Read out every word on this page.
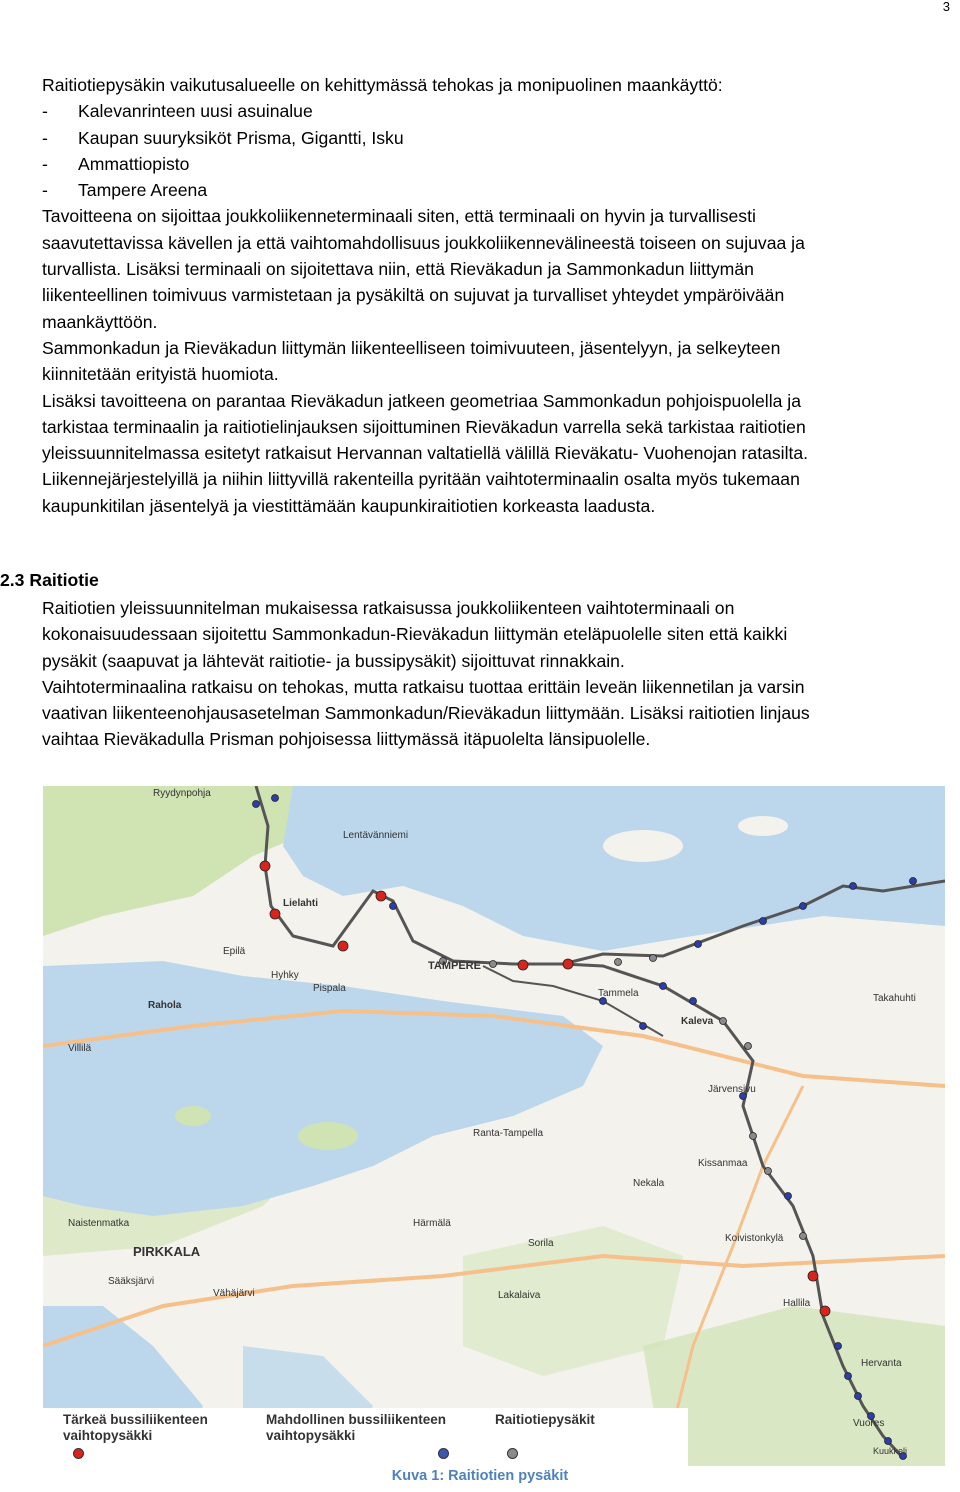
3
Raitiotiepysäkin vaikutusalueelle on kehittymässä tehokas ja monipuolinen maankäyttö:
- Kalevanrinteen uusi asuinalue
- Kaupan suuryksiköt Prisma, Gigantti, Isku
- Ammattiopisto
- Tampere Areena
Tavoitteena on sijoittaa joukkoliikenneterminaali siten, että terminaali on hyvin ja turvallisesti
saavutettavissa kävellen ja että vaihtomahdollisuus joukkoliikennevälineestä toiseen on sujuvaa ja
turvallista. Lisäksi terminaali on sijoitettava niin, että Rieväkadun ja Sammonkadun liittymän
liikenteellinen toimivuus varmistetaan ja pysäkiltä on sujuvat ja turvalliset yhteydet ympäröivään
maankäyttöön.
Sammonkadun ja Rieväkadun liittymän liikenteelliseen toimivuuteen, jäsentelyyn, ja selkeyteen
kiinnitetään erityistä huomiota.
Lisäksi tavoitteena on parantaa Rieväkadun jatkeen geometriaa Sammonkadun pohjoispuolella ja
tarkistaa terminaalin ja raitiotielinjauksen sijoittuminen Rieväkadun varrella sekä tarkistaa raitiotien
yleissuunnitelmassa esitetyt ratkaisut Hervannan valtatiellä välillä Rieväkatu- Vuohenojan ratasilta.
Liikennejärjestelyillä ja niihin liittyvillä rakenteilla pyritään vaihtoterminaalin osalta myös tukemaan
kaupunkitilan jäsentelyä ja viestittämään kaupunkiraitiotien korkeasta laadusta.
2.3 Raitiotie
Raitiotien yleissuunnitelman mukaisessa ratkaisussa joukkoliikenteen vaihtoterminaali on
kokonaisuudessaan sijoitettu Sammonkadun-Rieväkadun liittymän eteläpuolelle siten että kaikki
pysäkit (saapuvat ja lähtevät raitiotie- ja bussipysäkit) sijoittuvat rinnakkain.
Vaihtoterminaalina ratkaisu on tehokas, mutta ratkaisu tuottaa erittäin leveän liikennetilan ja varsin
vaativan liikenteenohjausasetelman Sammonkadun/Rieväkadun liittymään. Lisäksi raitiotien linjaus
vaihtaa Rieväkadulla Prisman pohjoisessa liittymässä itäpuolelta länsipuolelle.
Ryydynpohja
Lentävänniemi
Lielahti
Epilä
Hyhky
Rahola
Villilä
Pispala
TAMPERE
Kaleva
Takahuhti
Järvensivu
Kissanmaa
Koivistonkylä
Nekala
Härmälä
PIRKKALA
Lakalaiva
Hallila
Hervanta
Sääksjärvi
Vähäjärvi
Naistenmatka
Ranta-Tampella
Tammela
Sorila
Vuores
Kuukkeli
Tärkeä bussiliikenteen
vaihtopysäkki
Mahdollinen bussiliikenteen
vaihtopysäkki
Raitiotiepysäkit
Kuva 1: Raitiotien pysäkit
